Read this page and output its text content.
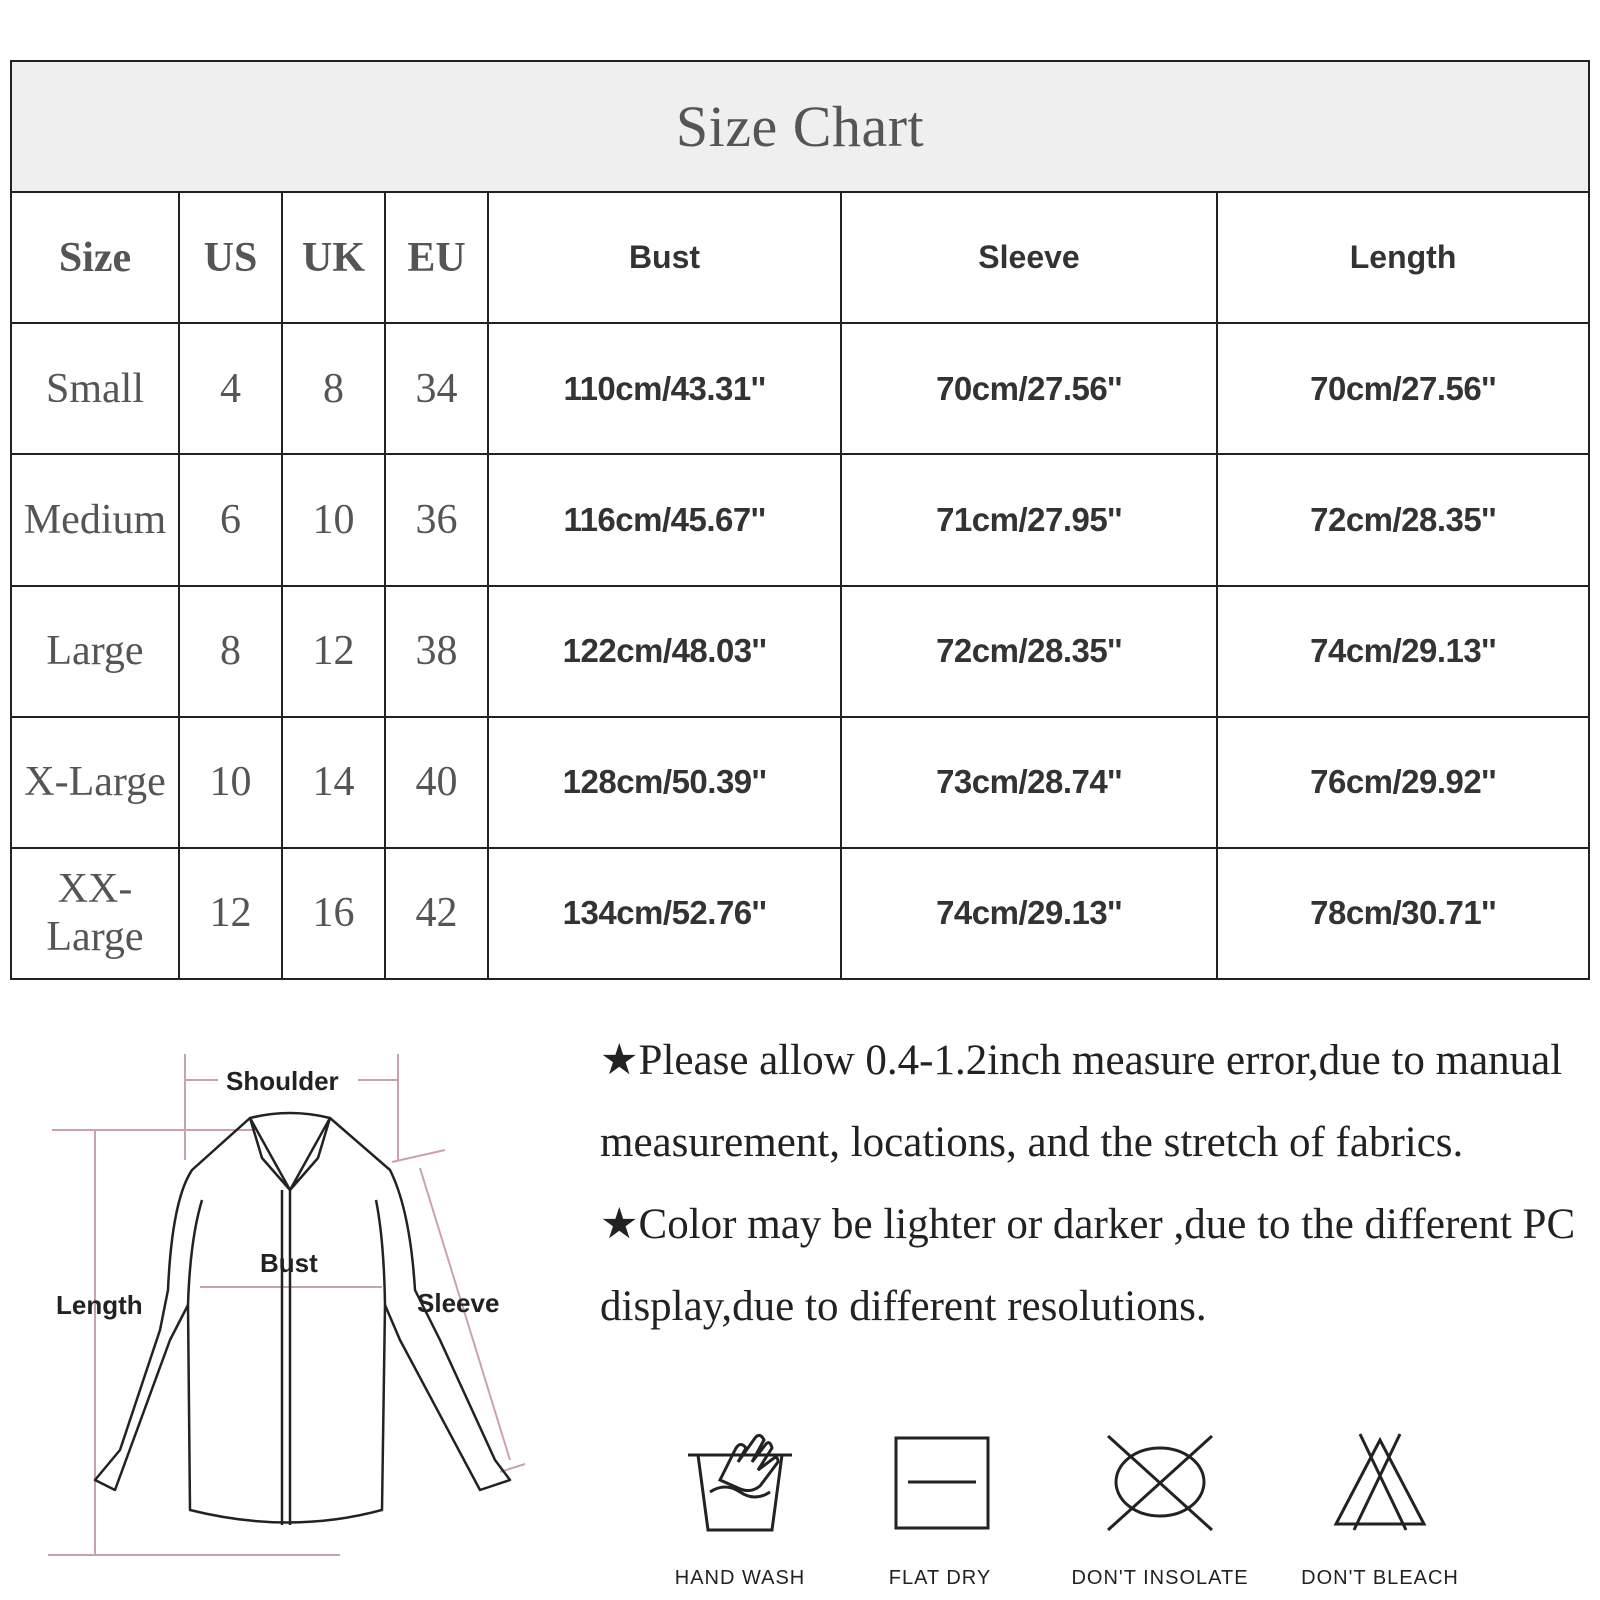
Size Chart						
Size	US	UK	EU	Bust	Sleeve	Length
Small	4	8	34	110cm/43.31''	70cm/27.56''	70cm/27.56''
Medium	6	10	36	116cm/45.67''	71cm/27.95''	72cm/28.35''
Large	8	12	38	122cm/48.03''	72cm/28.35''	74cm/29.13''
X-Large	10	14	40	128cm/50.39''	73cm/28.74''	76cm/29.92''
XX-Large	12	16	42	134cm/52.76''	74cm/29.13''	78cm/30.71''
Shoulder
Bust
Length	Sleeve

★Please allow 0.4-1.2inch measure error,due to manual measurement, locations, and the stretch of fabrics.

★Color may be lighter or darker ,due to the different PC display,due to different resolutions.

HAND WASH	FLAT DRY	DON'T INSOLATE	DON'T BLEACH
